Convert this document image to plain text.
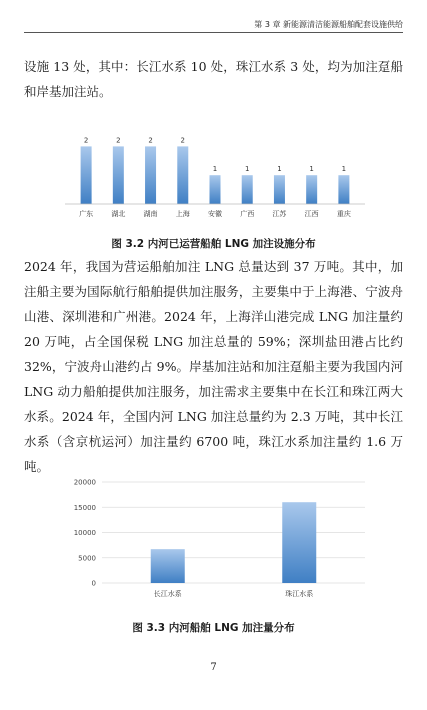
第 3 章 新能源清洁能源船舶配套设施供给
设施 13 处，其中：长江水系 10 处，珠江水系 3 处，均为加注趸船和岸基加注站。
2	2	2	2
1	1	1	1	1
广东	湖北	湖南	上海	安徽	广西	江苏	江西	重庆
图 3.2 内河已运营船舶 LNG 加注设施分布
2024 年，我国为营运船舶加注 LNG 总量达到 37 万吨。其中，加注船主要为国际航行船舶提供加注服务，主要集中于上海港、宁波舟山港、深圳港和广州港。2024 年，上海洋山港完成 LNG 加注量约 20 万吨，占全国保税 LNG 加注总量的 59%；深圳盐田港占比约 32%，宁波舟山港约占 9%。岸基加注站和加注趸船主要为我国内河 LNG 动力船舶提供加注服务，加注需求主要集中在长江和珠江两大水系。2024 年，全国内河 LNG 加注总量约为 2.3 万吨，其中长江水系（含京杭运河）加注量约 6700 吨，珠江水系加注量约 1.6 万吨。
0
5000
10000
15000
20000
长江水系	珠江水系
图 3.3 内河船舶 LNG 加注量分布
7
